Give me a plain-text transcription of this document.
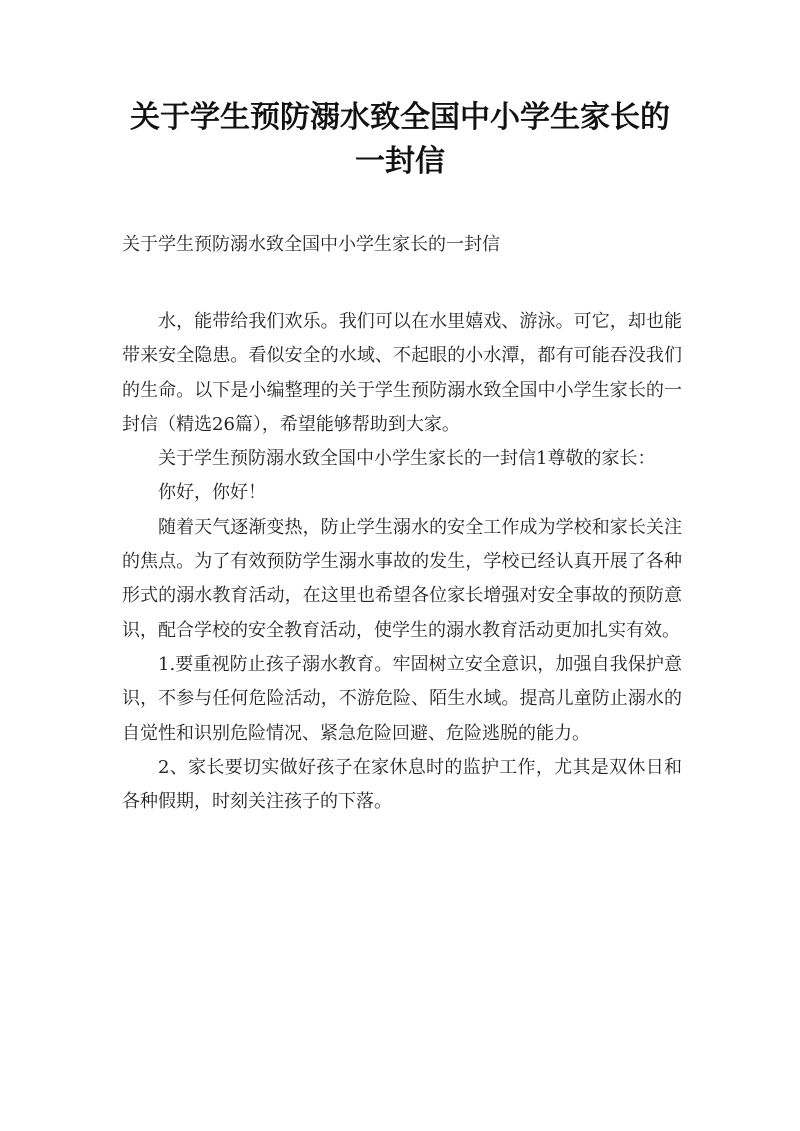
关于学生预防溺水致全国中小学生家长的
一封信
关于学生预防溺水致全国中小学生家长的一封信

水，能带给我们欢乐。我们可以在水里嬉戏、游泳。可它，却也能带来安全隐患。看似安全的水域、不起眼的小水潭，都有可能吞没我们的生命。以下是小编整理的关于学生预防溺水致全国中小学生家长的一封信（精选26篇），希望能够帮助到大家。

关于学生预防溺水致全国中小学生家长的一封信1尊敬的家长：

你好，你好！

随着天气逐渐变热，防止学生溺水的安全工作成为学校和家长关注的焦点。为了有效预防学生溺水事故的发生，学校已经认真开展了各种形式的溺水教育活动，在这里也希望各位家长增强对安全事故的预防意识，配合学校的安全教育活动，使学生的溺水教育活动更加扎实有效。

1.要重视防止孩子溺水教育。牢固树立安全意识，加强自我保护意识，不参与任何危险活动，不游危险、陌生水域。提高儿童防止溺水的自觉性和识别危险情况、紧急危险回避、危险逃脱的能力。

2、家长要切实做好孩子在家休息时的监护工作，尤其是双休日和各种假期，时刻关注孩子的下落。
